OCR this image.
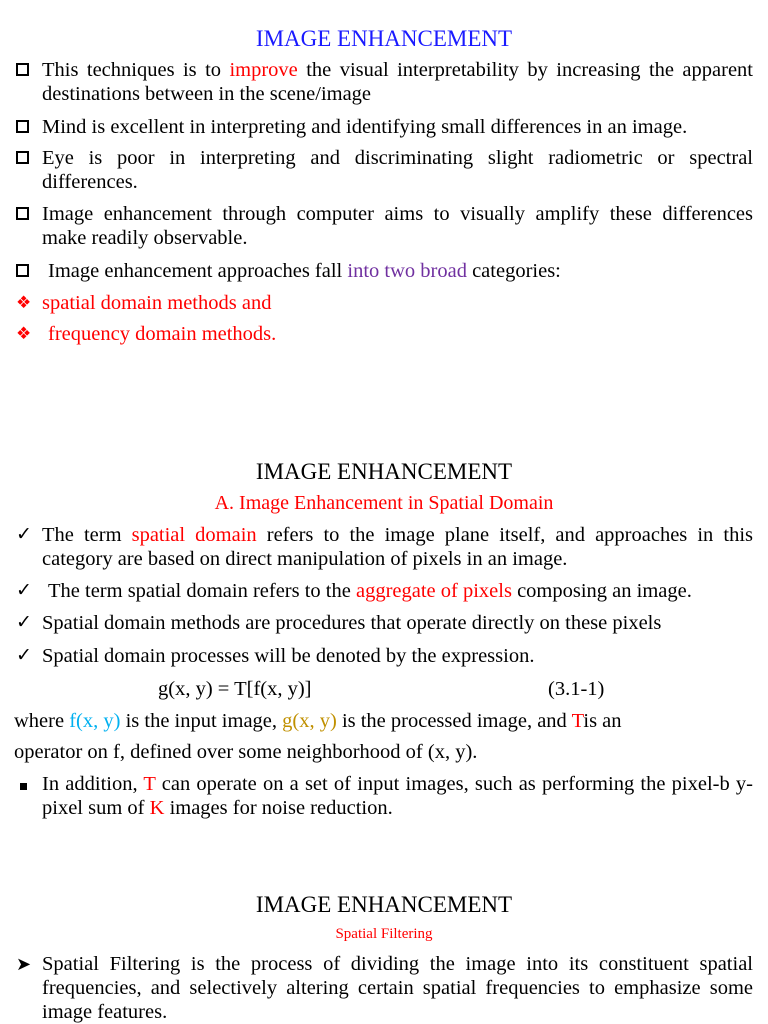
IMAGE ENHANCEMENT
This techniques is to improve the visual interpretability by increasing the apparent destinations between in the scene/image
Mind is excellent in interpreting and identifying small differences in an image.
Eye is poor in interpreting and discriminating slight radiometric or spectral differences.
Image enhancement through computer aims to visually amplify these differences make readily observable.
Image enhancement approaches fall into two broad categories:
❖ spatial domain methods and
❖ frequency domain methods.
IMAGE ENHANCEMENT
A. Image Enhancement in Spatial Domain
✓ The term spatial domain refers to the image plane itself, and approaches in this category are based on direct manipulation of pixels in an image.
✓ The term spatial domain refers to the aggregate of pixels composing an image.
✓ Spatial domain methods are procedures that operate directly on these pixels
✓ Spatial domain processes will be denoted by the expression.
g(x, y) = T[f(x, y)]	(3.1-1)
where f(x, y) is the input image, g(x, y) is the processed image, and Tis an
operator on f, defined over some neighborhood of (x, y).
In addition, T can operate on a set of input images, such as performing the pixel-b y-pixel sum of K images for noise reduction.
IMAGE ENHANCEMENT
Spatial Filtering
➤ Spatial Filtering is the process of dividing the image into its constituent spatial frequencies, and selectively altering certain spatial frequencies to emphasize some image features.
